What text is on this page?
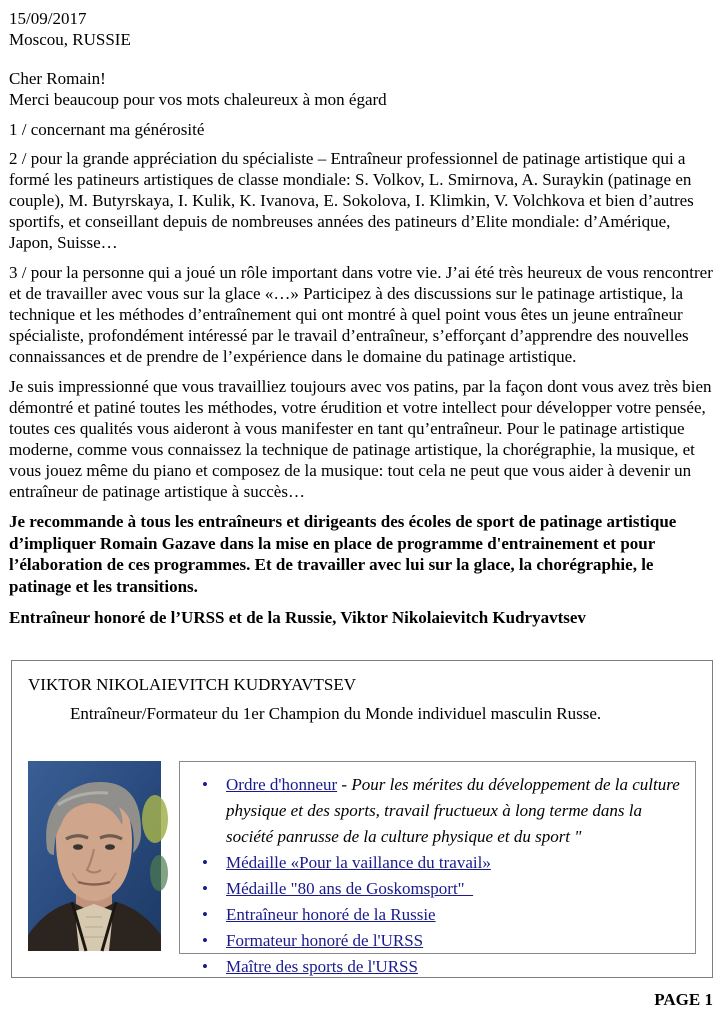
15/09/2017
Moscou, RUSSIE
Cher Romain!
Merci beaucoup pour vos mots chaleureux à mon égard

1 / concernant ma générosité

2 / pour la grande appréciation du spécialiste – Entraîneur professionnel de patinage artistique qui a formé les patineurs artistiques de classe mondiale: S. Volkov, L. Smirnova, A. Suraykin (patinage en couple), M. Butyrskaya, I. Kulik, K. Ivanova, E. Sokolova, I. Klimkin, V. Volchkova et bien d’autres sportifs, et conseillant depuis de nombreuses années des patineurs d’Elite mondiale: d’Amérique, Japon, Suisse…

3 / pour la personne qui a joué un rôle important dans votre vie. J’ai été très heureux de vous rencontrer et de travailler avec vous sur la glace «…» Participez à des discussions sur le patinage artistique, la technique et les méthodes d’entraînement qui ont montré à quel point vous êtes un jeune entraîneur spécialiste, profondément intéressé par le travail d’entraîneur, s’efforçant d’apprendre des nouvelles connaissances et de prendre de l’expérience dans le domaine du patinage artistique.

Je suis impressionné que vous travailliez toujours avec vos patins, par la façon dont vous avez très bien démontré et patiné toutes les méthodes, votre érudition et votre intellect pour développer votre pensée, toutes ces qualités vous aideront à vous manifester en tant qu’entraîneur. Pour le patinage artistique moderne, comme vous connaissez la technique de patinage artistique, la chorégraphie, la musique, et vous jouez même du piano et composez de la musique: tout cela ne peut que vous aider à devenir un entraîneur de patinage artistique à succès…

Je recommande à tous les entraîneurs et dirigeants des écoles de sport de patinage artistique d’impliquer Romain Gazave dans la mise en place de programme d'entrainement et pour l’élaboration de ces programmes. Et de travailler avec lui sur la glace, la chorégraphie, le patinage et les transitions.

Entraîneur honoré de l’URSS et de la Russie, Viktor Nikolaievitch Kudryavtsev

VIKTOR NIKOLAIEVITCH KUDRYAVTSEV
Entraîneur/Formateur du 1er Champion du Monde individuel masculin Russe.
• Ordre d'honneur - Pour les mérites du développement de la culture physique et des sports, travail fructueux à long terme dans la société panrusse de la culture physique et du sport "
• Médaille «Pour la vaillance du travail»
• Médaille "80 ans de Goskomsport"
• Entraîneur honoré de la Russie
• Formateur honoré de l'URSS
• Maître des sports de l'URSS
PAGE 1
